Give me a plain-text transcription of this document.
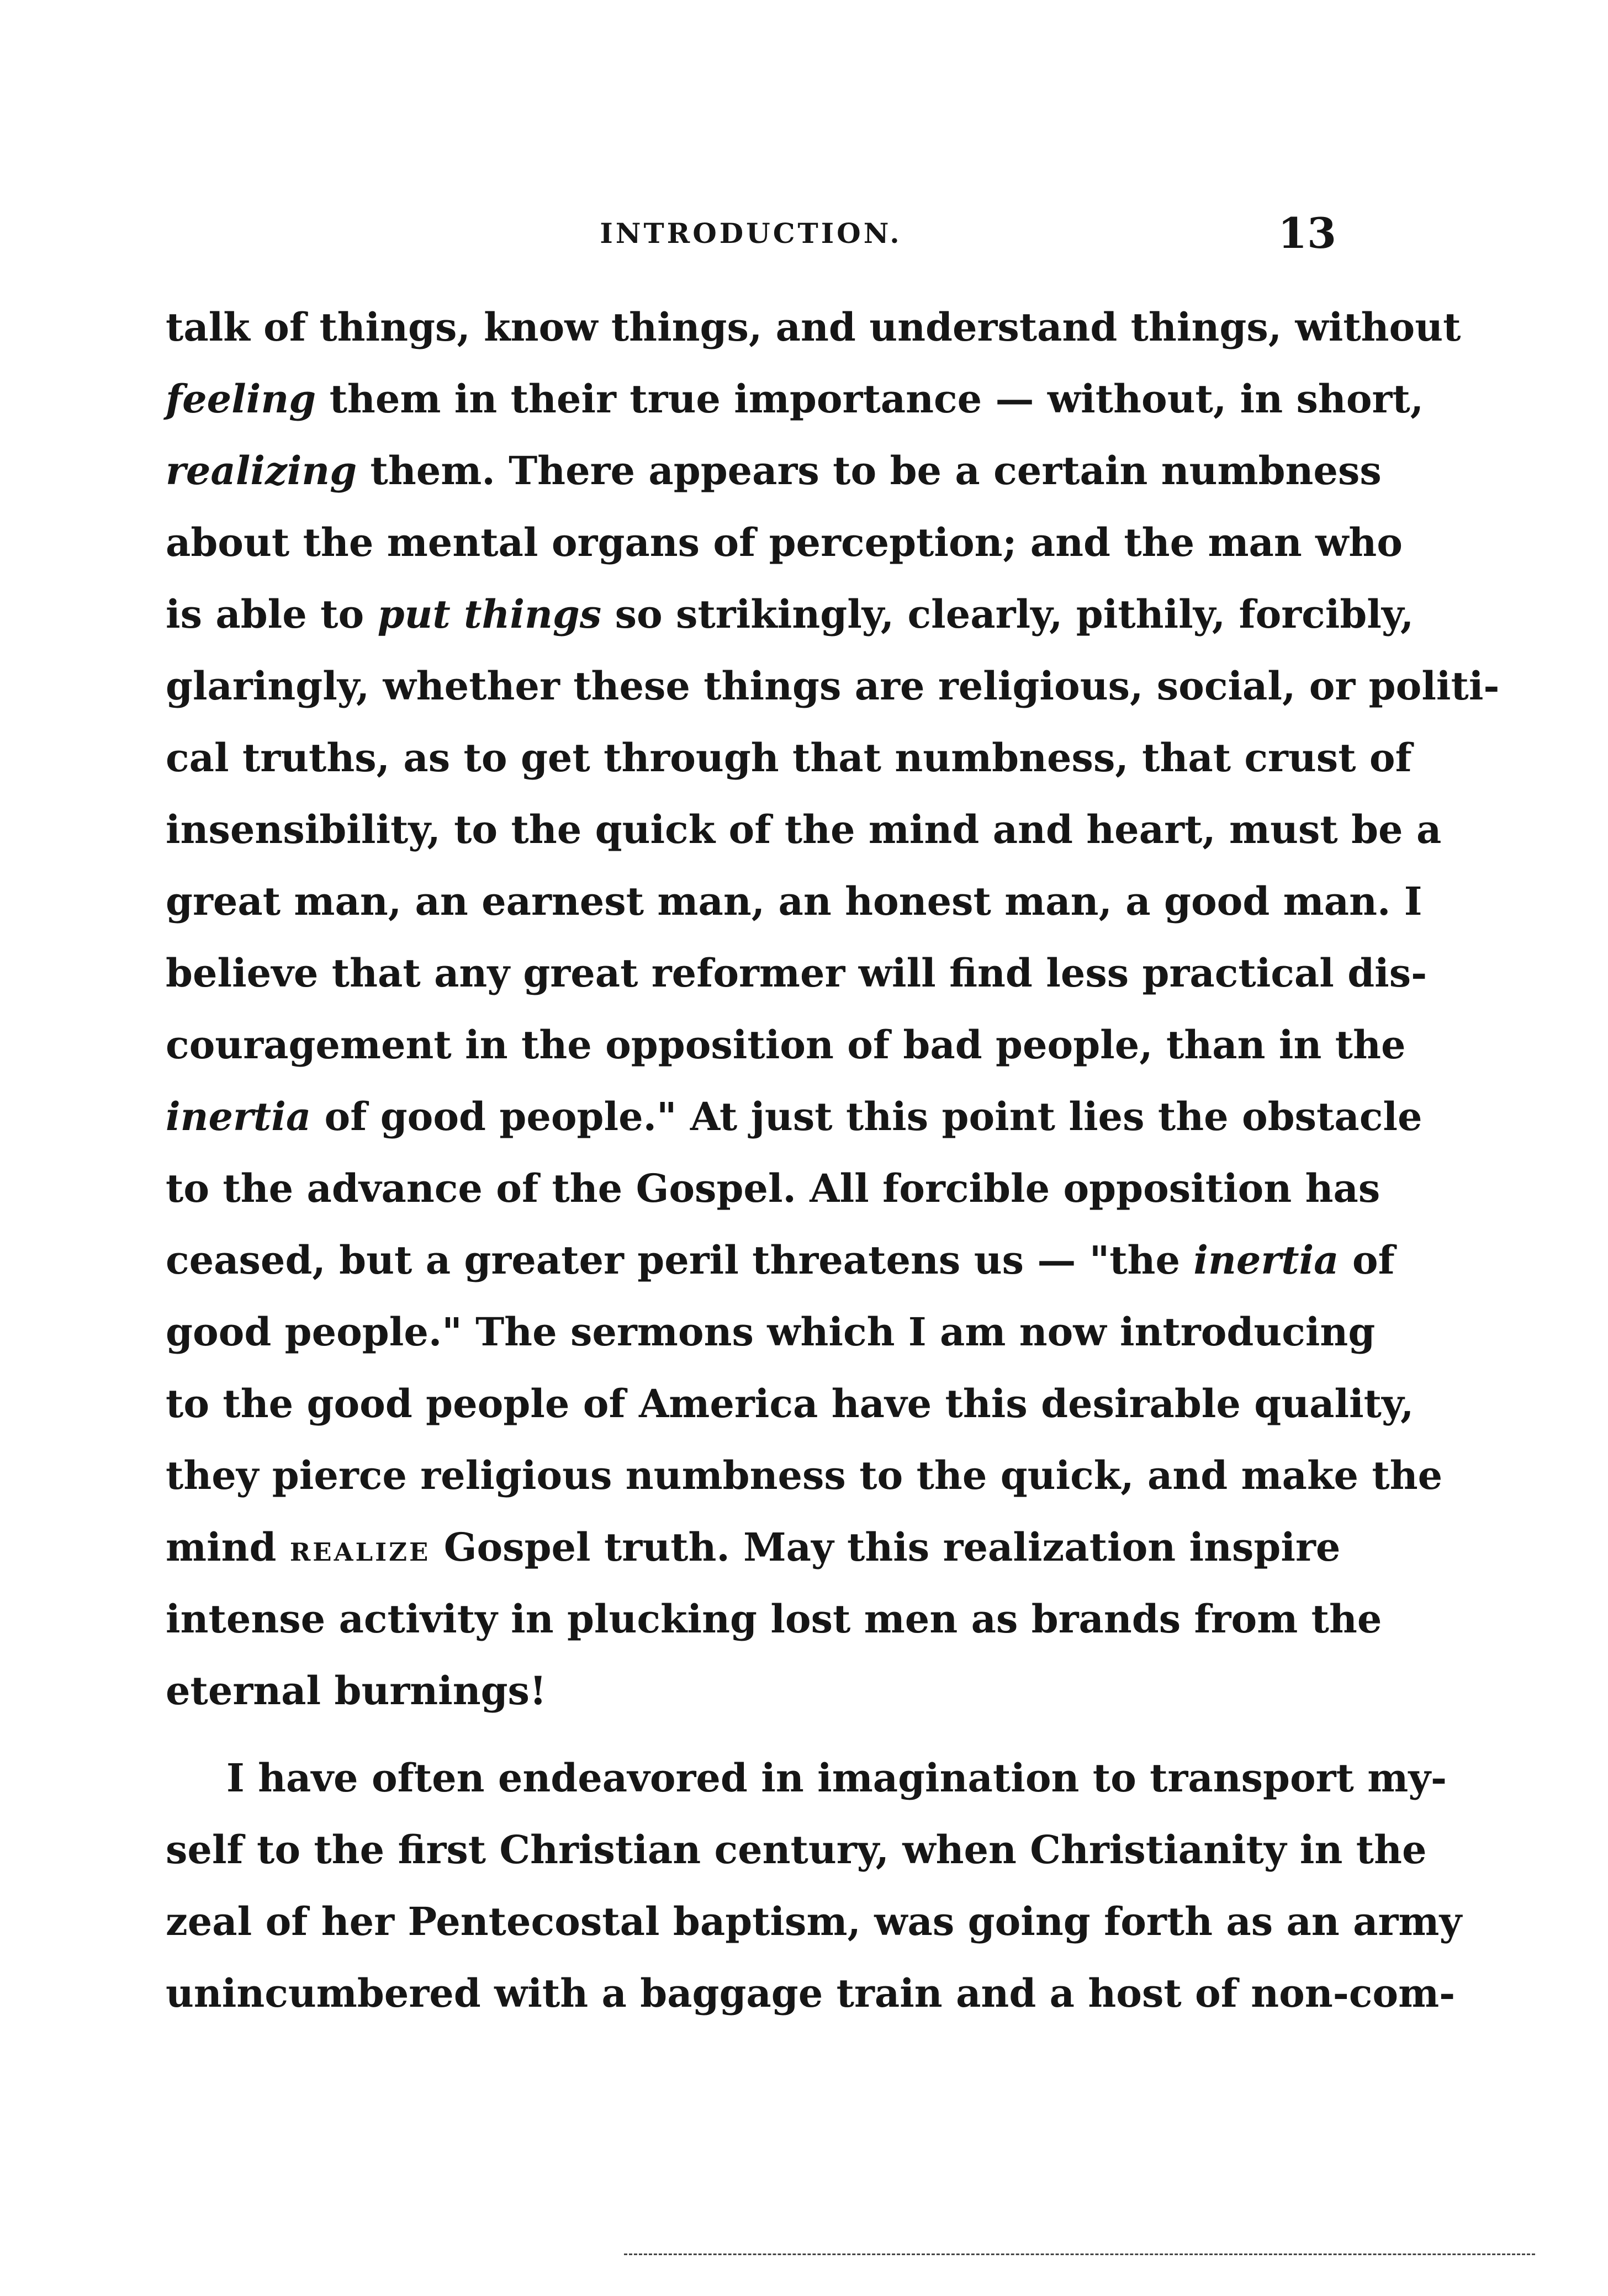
INTRODUCTION.	13
talk of things, know things, and understand things, without
feeling them in their true importance — without, in short,
realizing them. There appears to be a certain numbness
about the mental organs of perception; and the man who
is able to put things so strikingly, clearly, pithily, forcibly,
glaringly, whether these things are religious, social, or politi-
cal truths, as to get through that numbness, that crust of
insensibility, to the quick of the mind and heart, must be a
great man, an earnest man, an honest man, a good man. I
believe that any great reformer will find less practical dis-
couragement in the opposition of bad people, than in the
inertia of good people." At just this point lies the obstacle
to the advance of the Gospel. All forcible opposition has
ceased, but a greater peril threatens us — "the inertia of
good people." The sermons which I am now introducing
to the good people of America have this desirable quality,
they pierce religious numbness to the quick, and make the
mind realize Gospel truth. May this realization inspire
intense activity in plucking lost men as brands from the
eternal burnings!
I have often endeavored in imagination to transport my-
self to the first Christian century, when Christianity in the
zeal of her Pentecostal baptism, was going forth as an army
unincumbered with a baggage train and a host of non-com-
